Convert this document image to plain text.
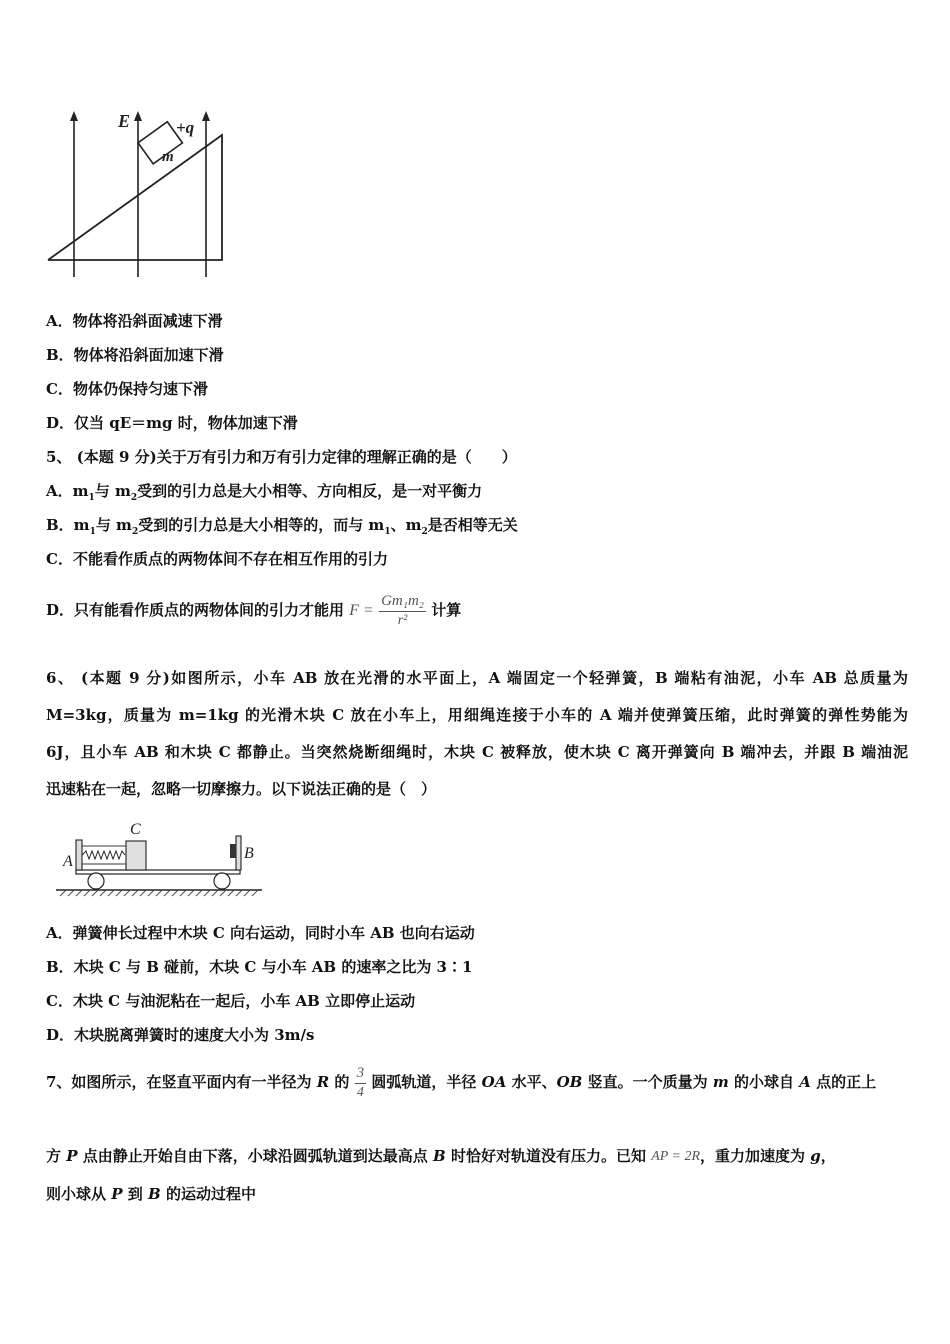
m
E	+q
A．物体将沿斜面减速下滑
B．物体将沿斜面加速下滑
C．物体仍保持匀速下滑
D．仅当 qE＝mg 时，物体加速下滑
5、 (本题 9 分)关于万有引力和万有引力定律的理解正确的是（　　）
A．$m_1$与 $m_2$受到的引力总是大小相等、方向相反，是一对平衡力
B．$m_1$与 $m_2$受到的引力总是大小相等的，而与 $m_1$、$m_2$是否相等无关
C．不能看作质点的两物体间不存在相互作用的引力
D．只有能看作质点的两物体间的引力才能用 $F = \frac{\text{Gm₁m₂}}{\text{r²}}$ 计算
6、 (本题 9 分)如图所示，小车 AB 放在光滑的水平面上，A 端固定一个轻弹簧，B 端粘有油泥，小车 AB 总质量为
M=3kg，质量为 m=1kg 的光滑木块 C 放在小车上，用细绳连接于小车的 A 端并使弹簧压缩，此时弹簧的弹性势能为
6J，且小车 AB 和木块 C 都静止。当突然烧断细绳时，木块 C 被释放，使木块 C 离开弹簧向 B 端冲去，并跟 B 端油泥
迅速粘在一起，忽略一切摩擦力。以下说法正确的是（　）
A
C
B
A．弹簧伸长过程中木块 C 向右运动，同时小车 AB 也向右运动
B．木块 C 与 B 碰前，木块 C 与小车 AB 的速率之比为 3∶1
C．木块 C 与油泥粘在一起后，小车 AB 立即停止运动
D．木块脱离弹簧时的速度大小为 3m/s
7、如图所示，在竖直平面内有一半径为 R 的 $\frac{3}{4}$ 圆弧轨道，半径 OA 水平、OB 竖直。一个质量为 m 的小球自 A 点的正上
方 P 点由静止开始自由下落，小球沿圆弧轨道到达最高点 B 时恰好对轨道没有压力。已知 AP = 2R，重力加速度为 g，
则小球从 P 到 B 的运动过程中
